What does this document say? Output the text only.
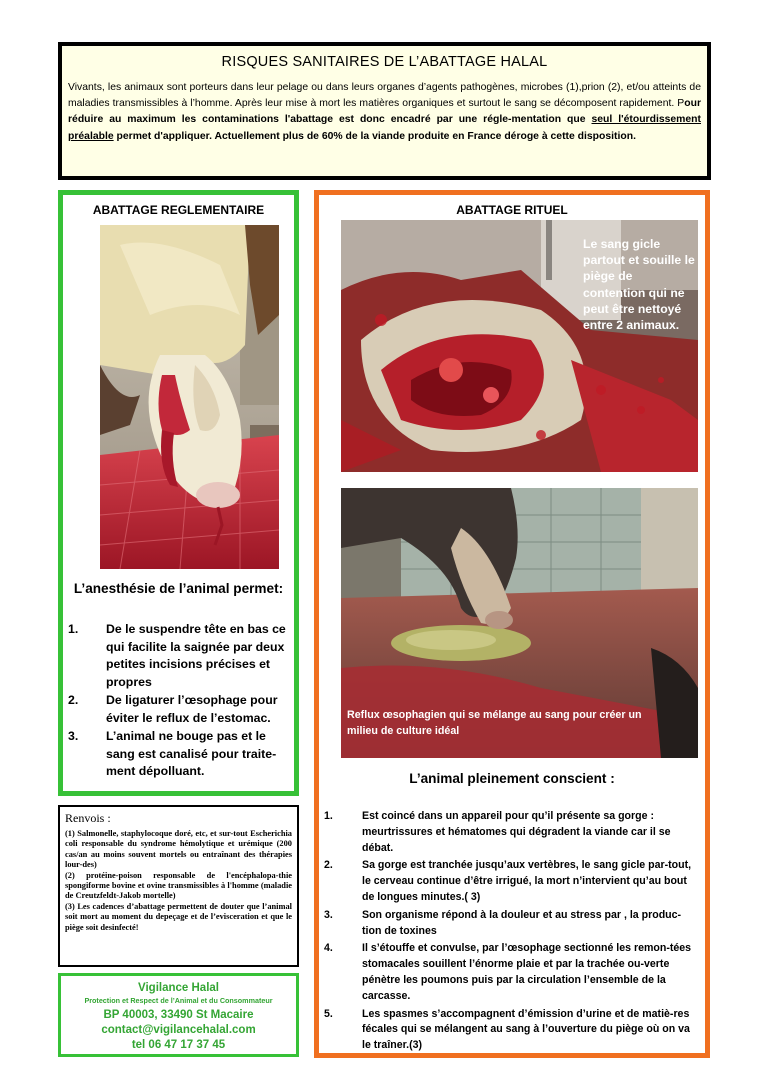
RISQUES SANITAIRES DE L’ABATTAGE HALAL
Vivants, les animaux sont porteurs dans leur pelage ou dans leurs organes d’agents pathogènes, microbes (1),prion (2), et/ou atteints de maladies transmissibles à l’homme. Après leur mise à mort les matières organiques et surtout le sang se décomposent rapidement. Pour réduire au maximum les contaminations l'abattage est donc encadré par une régle-mentation que seul l'étourdissement préalable permet d'appliquer. Actuellement plus de 60% de la viande produite en France déroge à cette disposition.
ABATTAGE REGLEMENTAIRE
L’anesthésie de l’animal permet:
1. De le suspendre tête en bas ce qui facilite la saignée par deux petites incisions précises et propres
2. De ligaturer l’œsophage pour éviter le reflux de l’estomac.
3. L’animal ne bouge pas et le sang est canalisé pour traite-ment dépolluant.
ABATTAGE RITUEL
Le sang gicle partout et souille le piège de contention qui ne peut être nettoyé entre 2 animaux.
Reflux œsophagien qui se mélange au sang pour créer un milieu de culture idéal
L’animal pleinement conscient :
1.	Est coincé dans un appareil pour qu’il présente sa gorge : meurtrissures et hématomes qui dégradent la viande car il se débat.
2.	Sa gorge est tranchée jusqu’aux vertèbres, le sang gicle par-tout, le cerveau continue d’être irrigué, la mort n’intervient qu’au bout de longues minutes.( 3)
3.	Son organisme répond à la douleur et au stress par , la produc-tion de toxines
4.	Il s’étouffe et convulse, par l’œsophage sectionné les remon-tées stomacales souillent l’énorme plaie et par la trachée ou-verte pénètre les poumons puis par la circulation l’ensemble de la carcasse.
5.	Les spasmes s’accompagnent d’émission d’urine et de matiè-res fécales qui se mélangent au sang à l’ouverture du piège où on va le traîner.(3)
Renvois :
(1) Salmonelle, staphylocoque doré, etc, et sur-tout Escherichia coli responsable du syndrome hémolytique et urémique (200 cas/an au moins souvent mortels ou entraînant des thérapies lour-des)
(2) protéine-poison responsable de l'encéphalopa-thie spongiforme bovine et ovine transmissibles à l'homme (maladie de Creutzfeldt-Jakob mortelle)
(3) Les cadences d’abattage permettent de douter que l’animal soit mort au moment du depeçage et de l’evisceration et que le piège soit desinfecté!
Vigilance Halal
Protection et Respect de l’Animal et du Consommateur
BP 40003, 33490 St Macaire
contact@vigilancehalal.com
tel 06 47 17 37 45
